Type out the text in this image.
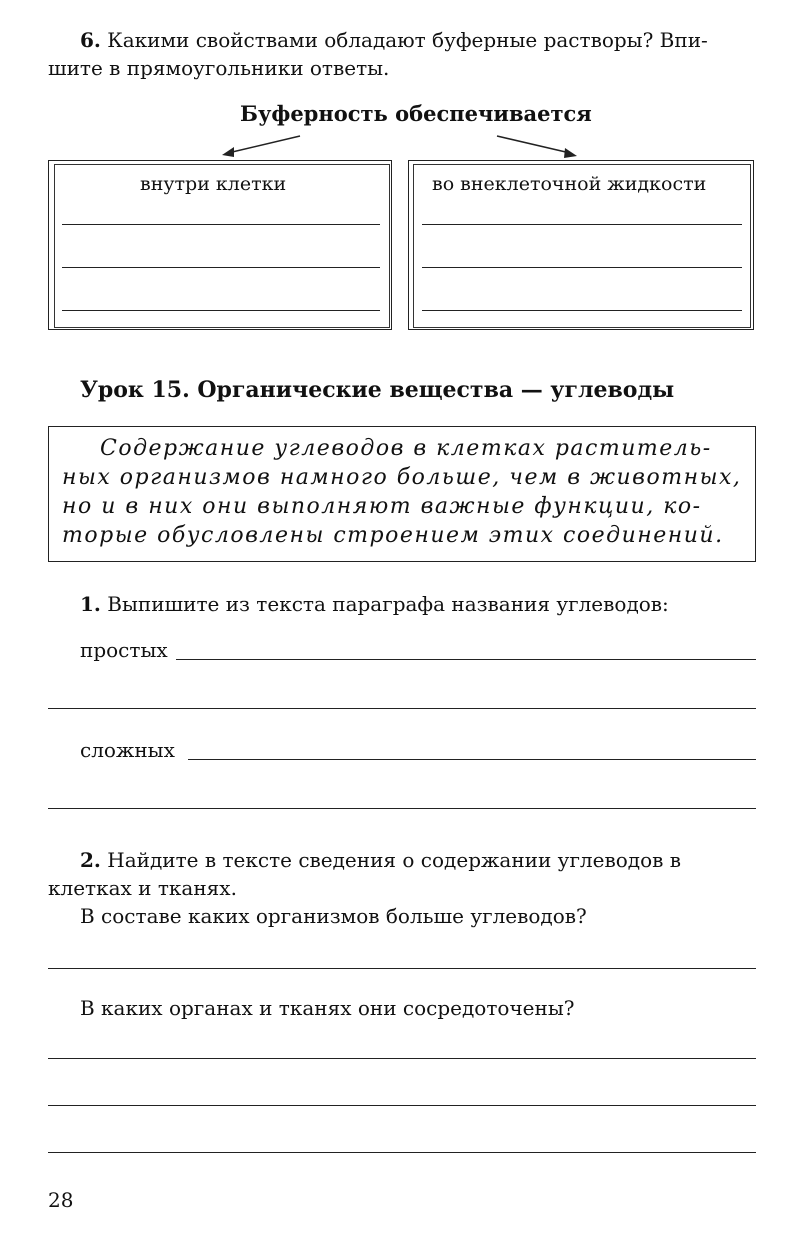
6. Какими свойствами обладают буферные растворы? Впи-
шите в прямоугольники ответы.
Буферность обеспечивается
внутри клетки	во внеклеточной жидкости
Урок 15. Органические вещества — углеводы
Содержание углеводов в клетках раститель-
ных организмов намного больше, чем в животных,
но и в них они выполняют важные функции, ко-
торые обусловлены строением этих соединений.
1. Выпишите из текста параграфа названия углеводов:
простых
сложных
2. Найдите в тексте сведения о содержании углеводов в
клетках и тканях.
В составе каких организмов больше углеводов?
В каких органах и тканях они сосредоточены?
28
